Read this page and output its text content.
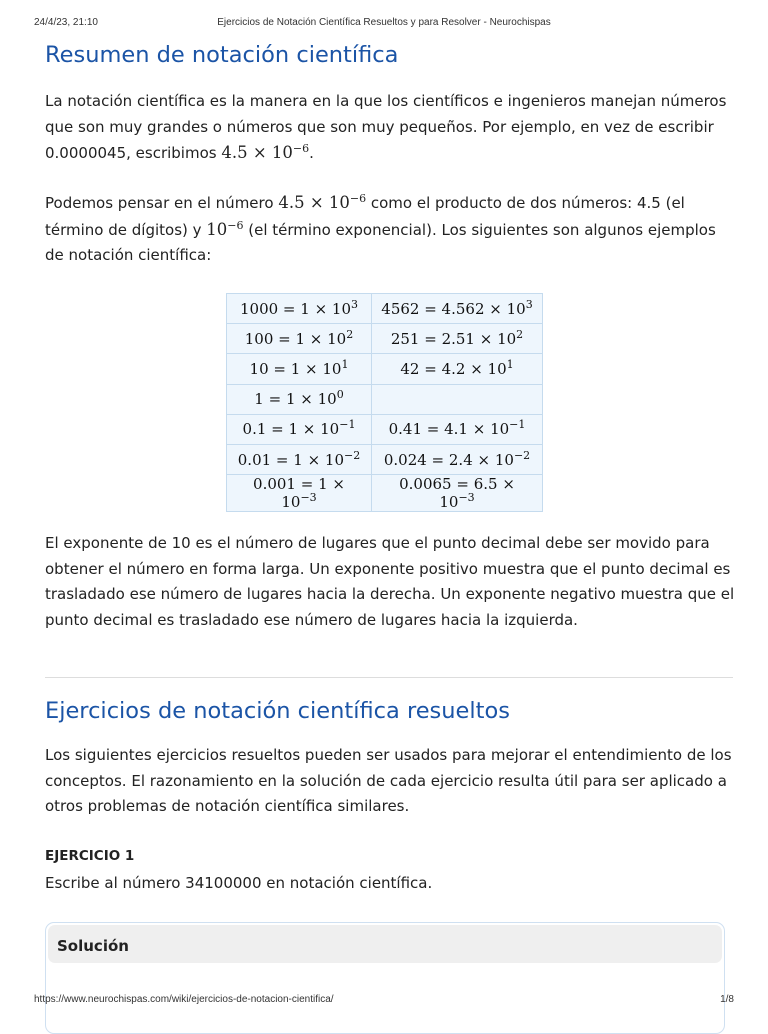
24/4/23, 21:10	Ejercicios de Notación Científica Resueltos y para Resolver - Neurochispas
Resumen de notación científica

La notación científica es la manera en la que los científicos e ingenieros manejan números que son muy grandes o números que son muy pequeños. Por ejemplo, en vez de escribir 0.0000045, escribimos $4.5 \times 10^{-6}$.

Podemos pensar en el número $4.5 \times 10^{-6}$ como el producto de dos números: 4.5 (el término de dígitos) y $10^{-6}$ (el término exponencial). Los siguientes son algunos ejemplos de notación científica:

$1000 = 1 \times 10^3$	$4562 = 4.562 \times 10^3$
$100 = 1 \times 10^2$	$251 = 2.51 \times 10^2$
$10 = 1 \times 10^1$	$42 = 4.2 \times 10^1$
$1 = 1 \times 10^0$	
$0.1 = 1 \times 10^{-1}$	$0.41 = 4.1 \times 10^{-1}$
$0.01 = 1 \times 10^{-2}$	$0.024 = 2.4 \times 10^{-2}$
$0.001 = 1 \times 10^{-3}$	$0.0065 = 6.5 \times 10^{-3}$

El exponente de 10 es el número de lugares que el punto decimal debe ser movido para obtener el número en forma larga. Un exponente positivo muestra que el punto decimal es trasladado ese número de lugares hacia la derecha. Un exponente negativo muestra que el punto decimal es trasladado ese número de lugares hacia la izquierda.

Ejercicios de notación científica resueltos

Los siguientes ejercicios resueltos pueden ser usados para mejorar el entendimiento de los conceptos. El razonamiento en la solución de cada ejercicio resulta útil para ser aplicado a otros problemas de notación científica similares.

EJERCICIO 1

Escribe al número 34100000 en notación científica.

Solución
https://www.neurochispas.com/wiki/ejercicios-de-notacion-cientifica/	1/8
